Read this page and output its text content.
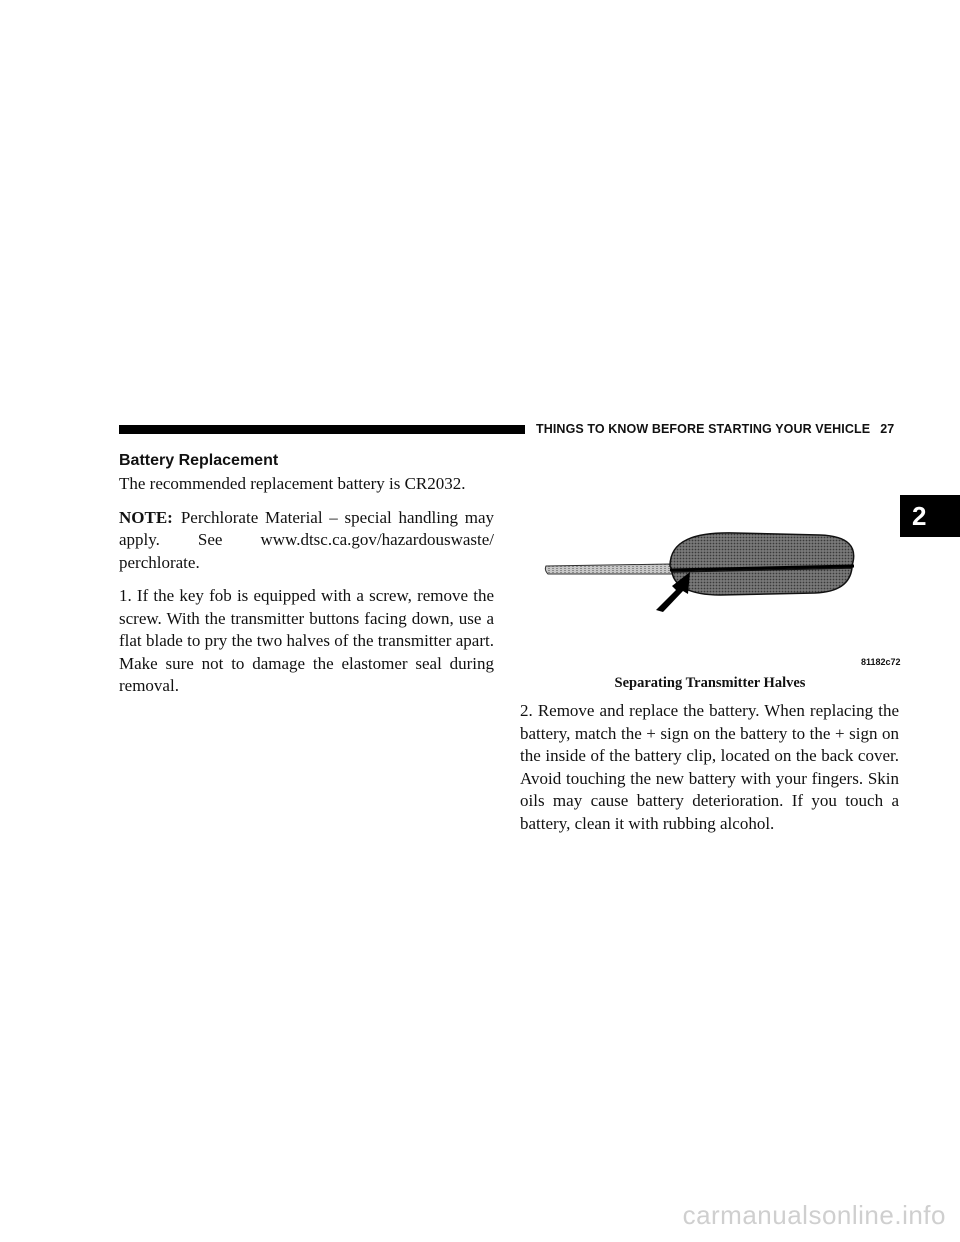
THINGS TO KNOW BEFORE STARTING YOUR VEHICLE 27
2
Battery Replacement

The recommended replacement battery is CR2032.

NOTE: Perchlorate Material – special handling may apply. See www.dtsc.ca.gov/hazardouswaste/ perchlorate.

1. If the key fob is equipped with a screw, remove the screw. With the transmitter buttons facing down, use a flat blade to pry the two halves of the transmitter apart. Make sure not to damage the elastomer seal during removal.

81182c72
Separating Transmitter Halves

2. Remove and replace the battery. When replacing the battery, match the + sign on the battery to the + sign on the inside of the battery clip, located on the back cover. Avoid touching the new battery with your fingers. Skin oils may cause battery deterioration. If you touch a battery, clean it with rubbing alcohol.

carmanualsonline.info
